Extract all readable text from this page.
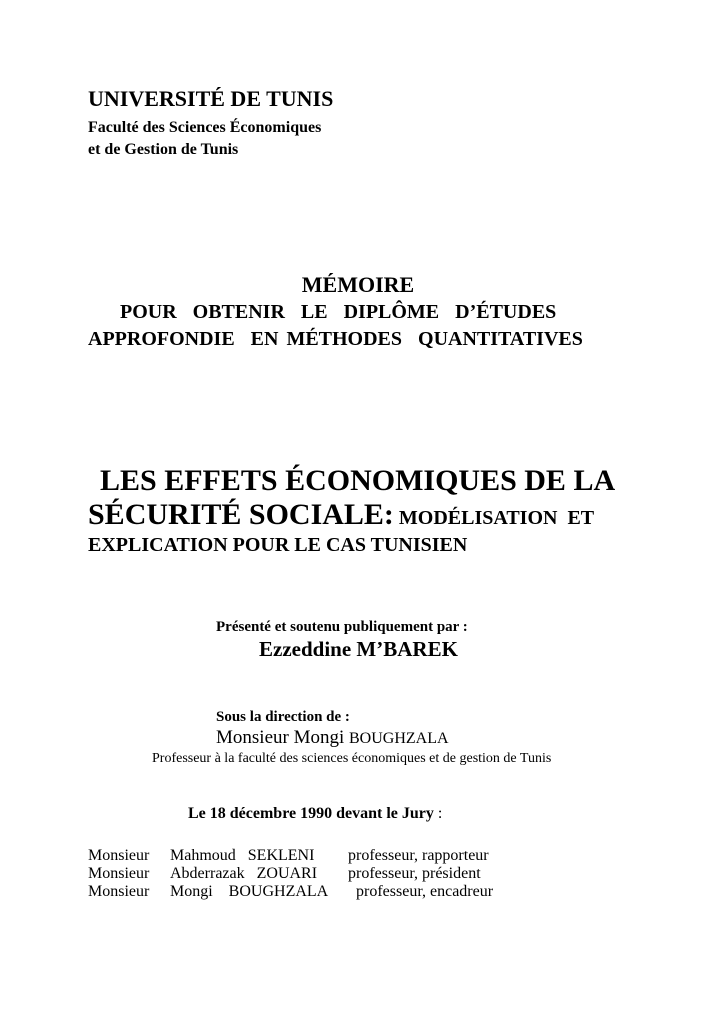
UNIVERSITÉ DE TUNIS
Faculté des Sciences Économiques
et de Gestion de Tunis
MÉMOIRE
POUR  OBTENIR  LE  DIPLÔME  D’ÉTUDES
APPROFONDIE  EN MÉTHODES  QUANTITATIVES
LES EFFETS ÉCONOMIQUES DE LA
SÉCURITÉ SOCIALE: MODÉLISATION  ET
EXPLICATION POUR LE CAS TUNISIEN
Présenté et soutenu publiquement par :
Ezzeddine M’BAREK
Sous la direction de :
Monsieur Mongi BOUGHZALA
Professeur à la faculté des sciences économiques et de gestion de Tunis
Le 18 décembre 1990 devant le Jury :
Monsieur Mahmoud   SEKLENI professeur, rapporteur
Monsieur Abderrazak   ZOUARI professeur, président
Monsieur Mongi    BOUGHZALA professeur, encadreur
